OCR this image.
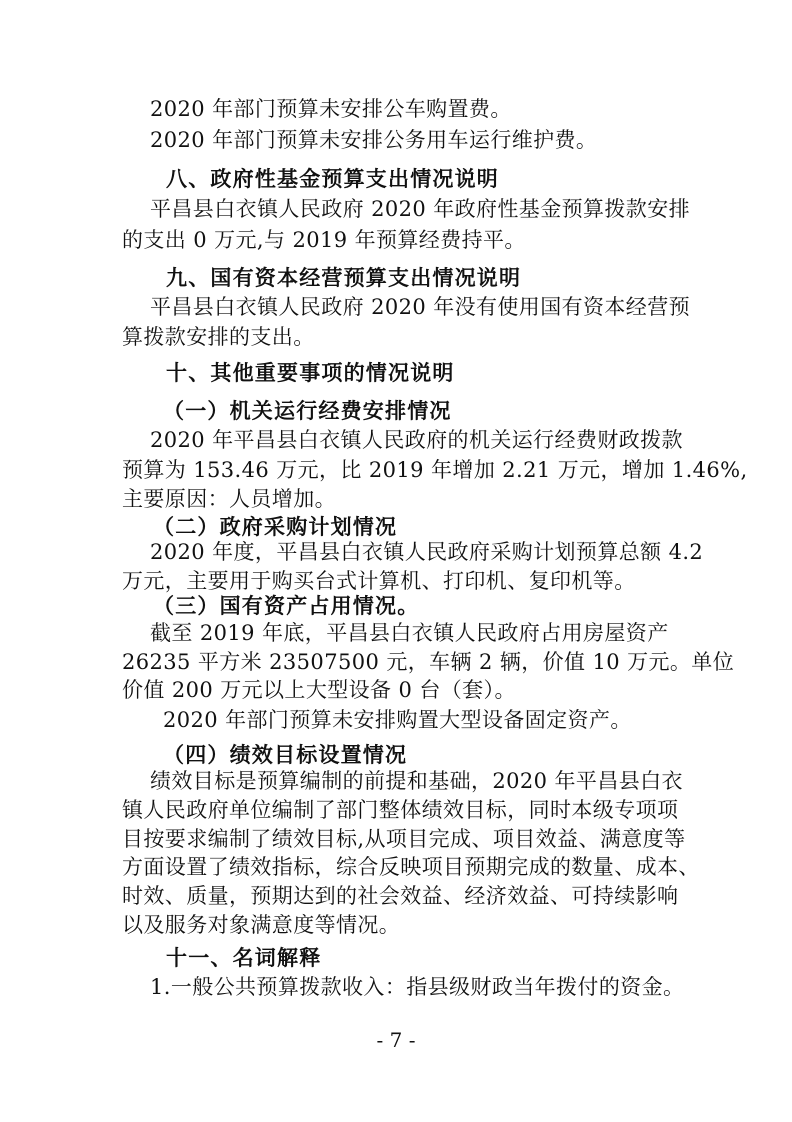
2020 年部门预算未安排公车购置费。
2020 年部门预算未安排公务用车运行维护费。
八、政府性基金预算支出情况说明
平昌县白衣镇人民政府 2020 年政府性基金预算拨款安排
的支出 0 万元,与 2019 年预算经费持平。
九、国有资本经营预算支出情况说明
平昌县白衣镇人民政府 2020 年没有使用国有资本经营预
算拨款安排的支出。
十、其他重要事项的情况说明
（一）机关运行经费安排情况
2020 年平昌县白衣镇人民政府的机关运行经费财政拨款
预算为 153.46 万元，比 2019 年增加 2.21 万元，增加 1.46%,
主要原因：人员增加。
（二）政府采购计划情况
2020 年度，平昌县白衣镇人民政府采购计划预算总额 4.2
万元，主要用于购买台式计算机、打印机、复印机等。
（三）国有资产占用情况。
截至 2019 年底，平昌县白衣镇人民政府占用房屋资产
26235 平方米 23507500 元，车辆 2 辆，价值 10 万元。单位
价值 200 万元以上大型设备 0 台（套）。
2020 年部门预算未安排购置大型设备固定资产。
（四）绩效目标设置情况
绩效目标是预算编制的前提和基础，2020 年平昌县白衣
镇人民政府单位编制了部门整体绩效目标，同时本级专项项
目按要求编制了绩效目标,从项目完成、项目效益、满意度等
方面设置了绩效指标，综合反映项目预期完成的数量、成本、
时效、质量，预期达到的社会效益、经济效益、可持续影响
以及服务对象满意度等情况。
十一、名词解释
1.一般公共预算拨款收入：指县级财政当年拨付的资金。
- 7 -
